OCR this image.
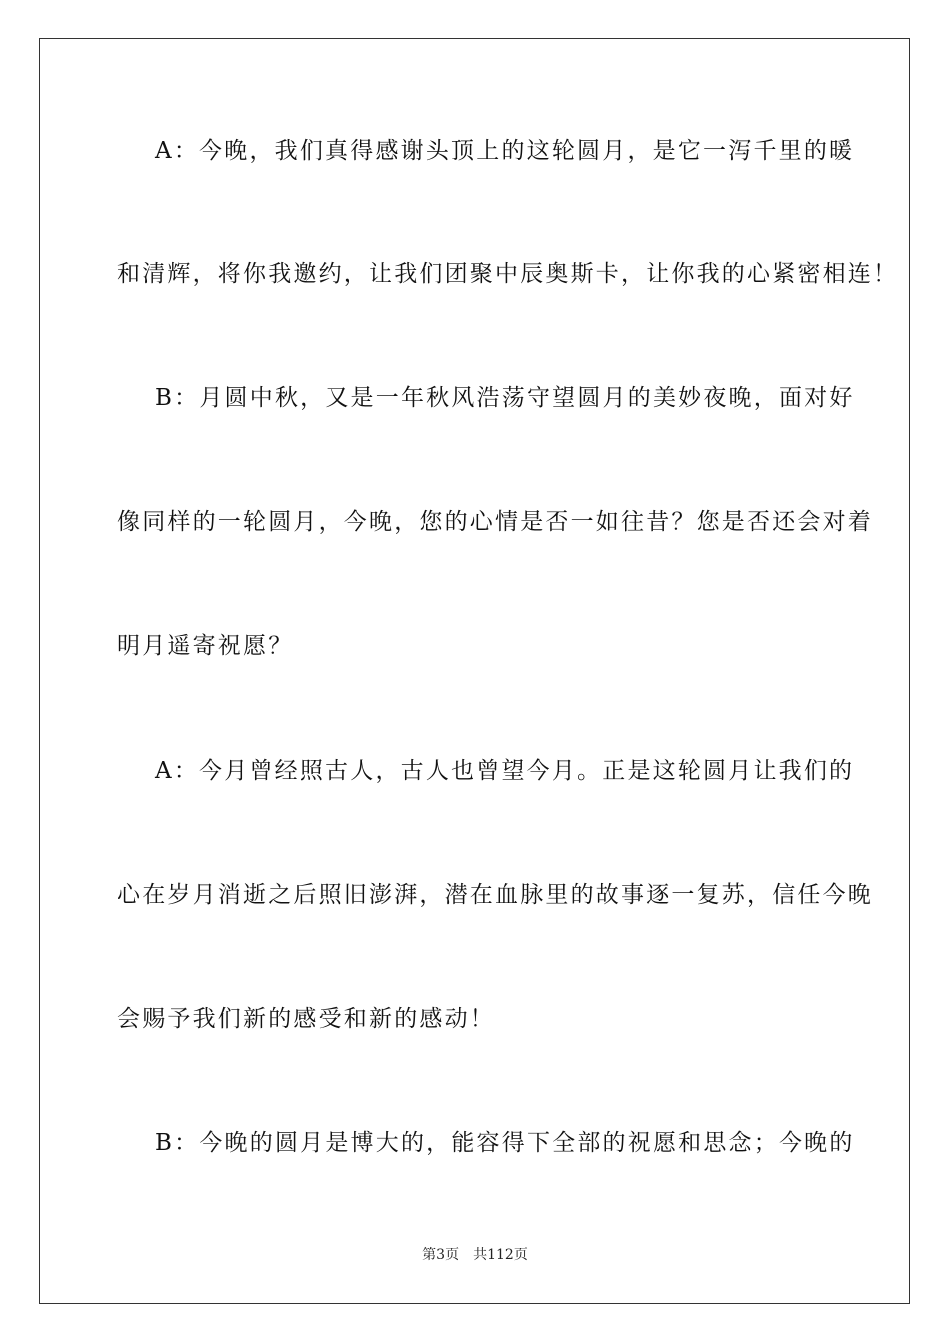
A：今晚，我们真得感谢头顶上的这轮圆月，是它一泻千里的暖
和清辉，将你我邀约，让我们团聚中辰奥斯卡，让你我的心紧密相连！
B：月圆中秋，又是一年秋风浩荡守望圆月的美妙夜晚，面对好
像同样的一轮圆月，今晚，您的心情是否一如往昔？您是否还会对着
明月遥寄祝愿？
A：今月曾经照古人，古人也曾望今月。正是这轮圆月让我们的
心在岁月消逝之后照旧澎湃，潜在血脉里的故事逐一复苏，信任今晚
会赐予我们新的感受和新的感动！
B：今晚的圆月是博大的，能容得下全部的祝愿和思念；今晚的
第3页 共112页
